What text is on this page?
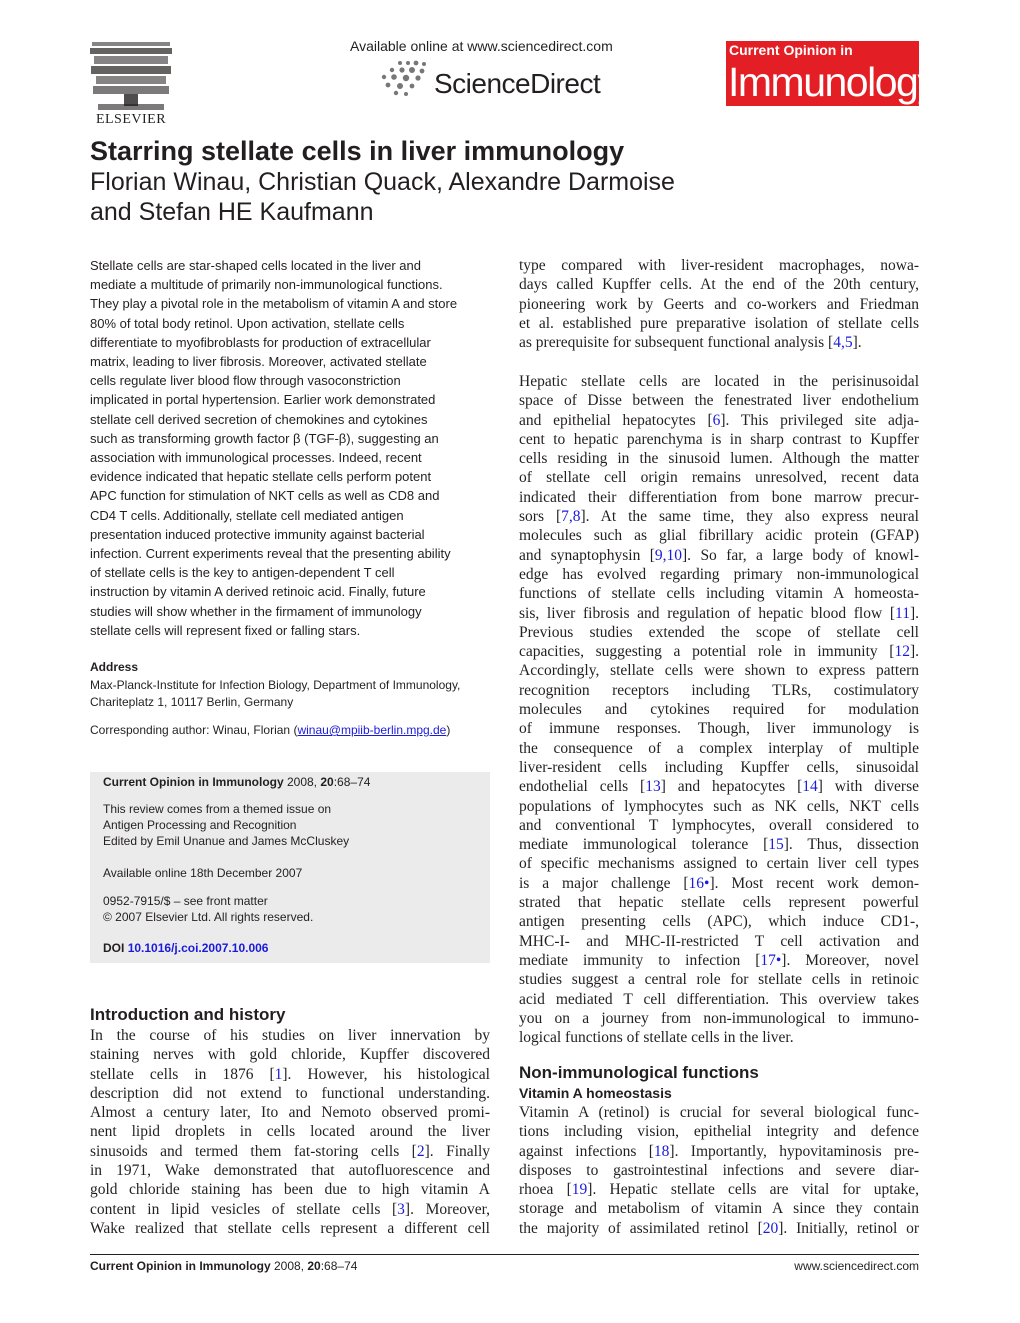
ELSEVIER
Available online at www.sciencedirect.com
ScienceDirect
Current Opinion in
Immunology
Starring stellate cells in liver immunology
Florian Winau, Christian Quack, Alexandre Darmoise
and Stefan HE Kaufmann
Stellate cells are star-shaped cells located in the liver and
mediate a multitude of primarily non-immunological functions.
They play a pivotal role in the metabolism of vitamin A and store
80% of total body retinol. Upon activation, stellate cells
differentiate to myofibroblasts for production of extracellular
matrix, leading to liver fibrosis. Moreover, activated stellate
cells regulate liver blood flow through vasoconstriction
implicated in portal hypertension. Earlier work demonstrated
stellate cell derived secretion of chemokines and cytokines
such as transforming growth factor β (TGF-β), suggesting an
association with immunological processes. Indeed, recent
evidence indicated that hepatic stellate cells perform potent
APC function for stimulation of NKT cells as well as CD8 and
CD4 T cells. Additionally, stellate cell mediated antigen
presentation induced protective immunity against bacterial
infection. Current experiments reveal that the presenting ability
of stellate cells is the key to antigen-dependent T cell
instruction by vitamin A derived retinoic acid. Finally, future
studies will show whether in the firmament of immunology
stellate cells will represent fixed or falling stars.
Address
Max-Planck-Institute for Infection Biology, Department of Immunology,
Chariteplatz 1, 10117 Berlin, Germany
Corresponding author: Winau, Florian (winau@mpiib-berlin.mpg.de)
Current Opinion in Immunology 2008, 20:68–74
This review comes from a themed issue on
Antigen Processing and Recognition
Edited by Emil Unanue and James McCluskey
Available online 18th December 2007
0952-7915/$ – see front matter
© 2007 Elsevier Ltd. All rights reserved.
DOI 10.1016/j.coi.2007.10.006
Introduction and history
In the course of his studies on liver innervation by
staining nerves with gold chloride, Kupffer discovered
stellate cells in 1876 [1]. However, his histological
description did not extend to functional understanding.
Almost a century later, Ito and Nemoto observed promi-
nent lipid droplets in cells located around the liver
sinusoids and termed them fat-storing cells [2]. Finally
in 1971, Wake demonstrated that autofluorescence and
gold chloride staining has been due to high vitamin A
content in lipid vesicles of stellate cells [3]. Moreover,
Wake realized that stellate cells represent a different cell
type compared with liver-resident macrophages, nowa-
days called Kupffer cells. At the end of the 20th century,
pioneering work by Geerts and co-workers and Friedman
et al. established pure preparative isolation of stellate cells
as prerequisite for subsequent functional analysis [4,5].
Hepatic stellate cells are located in the perisinusoidal
space of Disse between the fenestrated liver endothelium
and epithelial hepatocytes [6]. This privileged site adja-
cent to hepatic parenchyma is in sharp contrast to Kupffer
cells residing in the sinusoid lumen. Although the matter
of stellate cell origin remains unresolved, recent data
indicated their differentiation from bone marrow precur-
sors [7,8]. At the same time, they also express neural
molecules such as glial fibrillary acidic protein (GFAP)
and synaptophysin [9,10]. So far, a large body of knowl-
edge has evolved regarding primary non-immunological
functions of stellate cells including vitamin A homeosta-
sis, liver fibrosis and regulation of hepatic blood flow [11].
Previous studies extended the scope of stellate cell
capacities, suggesting a potential role in immunity [12].
Accordingly, stellate cells were shown to express pattern
recognition receptors including TLRs, costimulatory
molecules and cytokines required for modulation
of immune responses. Though, liver immunology is
the consequence of a complex interplay of multiple
liver-resident cells including Kupffer cells, sinusoidal
endothelial cells [13] and hepatocytes [14] with diverse
populations of lymphocytes such as NK cells, NKT cells
and conventional T lymphocytes, overall considered to
mediate immunological tolerance [15]. Thus, dissection
of specific mechanisms assigned to certain liver cell types
is a major challenge [16•]. Most recent work demon-
strated that hepatic stellate cells represent powerful
antigen presenting cells (APC), which induce CD1-,
MHC-I- and MHC-II-restricted T cell activation and
mediate immunity to infection [17•]. Moreover, novel
studies suggest a central role for stellate cells in retinoic
acid mediated T cell differentiation. This overview takes
you on a journey from non-immunological to immuno-
logical functions of stellate cells in the liver.
Non-immunological functions
Vitamin A homeostasis
Vitamin A (retinol) is crucial for several biological func-
tions including vision, epithelial integrity and defence
against infections [18]. Importantly, hypovitaminosis pre-
disposes to gastrointestinal infections and severe diar-
rhoea [19]. Hepatic stellate cells are vital for uptake,
storage and metabolism of vitamin A since they contain
the majority of assimilated retinol [20]. Initially, retinol or
Current Opinion in Immunology 2008, 20:68–74	www.sciencedirect.com
